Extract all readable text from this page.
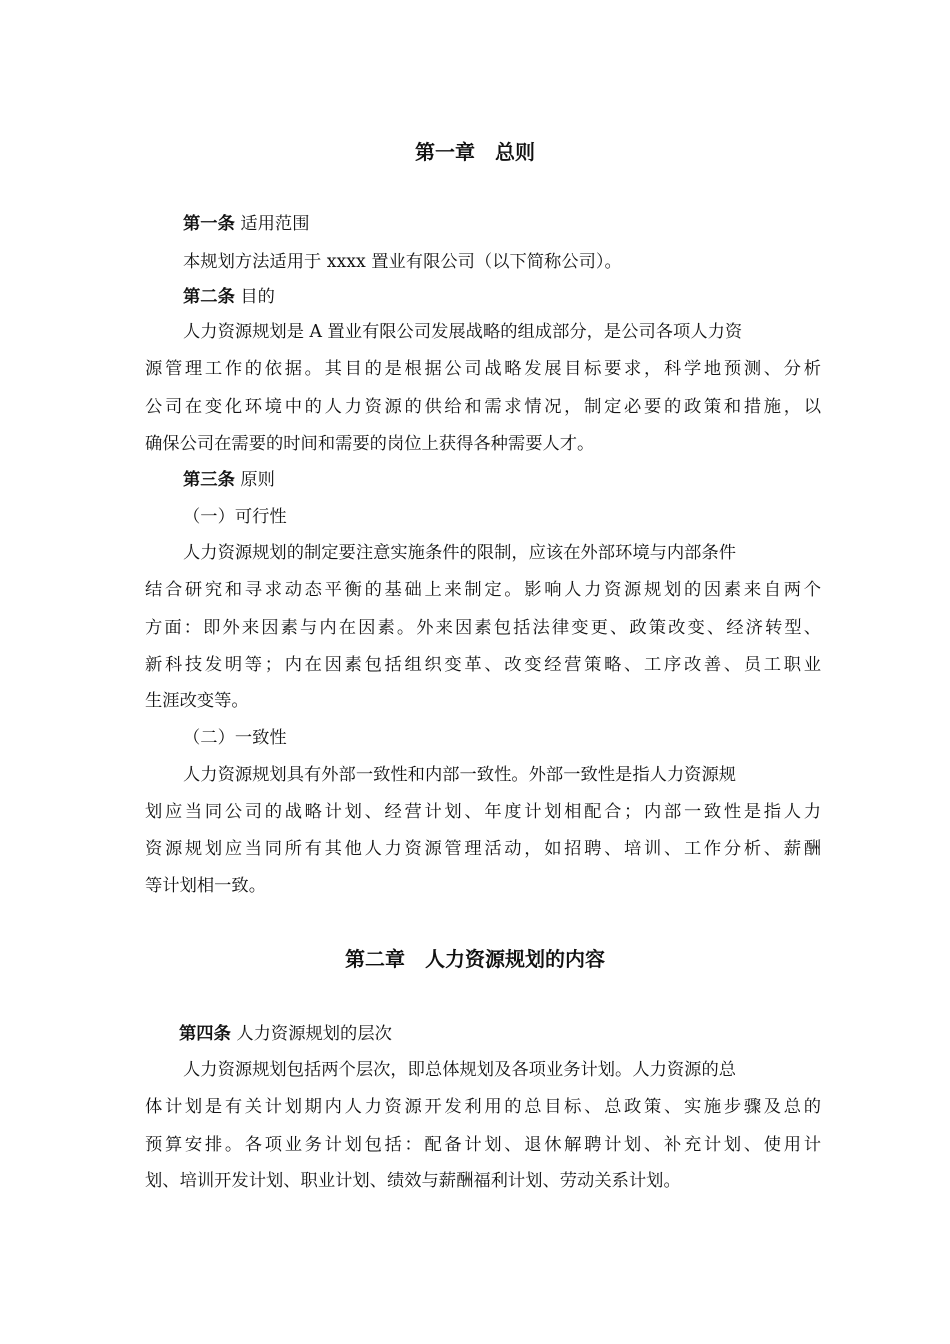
第一章　总则
第一条 适用范围
本规划方法适用于 xxxx 置业有限公司（以下简称公司）。
第二条 目的
人力资源规划是 A 置业有限公司发展战略的组成部分，是公司各项人力资
源管理工作的依据。其目的是根据公司战略发展目标要求，科学地预测、分析
公司在变化环境中的人力资源的供给和需求情况，制定必要的政策和措施，以
确保公司在需要的时间和需要的岗位上获得各种需要人才。
第三条 原则
（一）可行性
人力资源规划的制定要注意实施条件的限制，应该在外部环境与内部条件
结合研究和寻求动态平衡的基础上来制定。影响人力资源规划的因素来自两个
方面：即外来因素与内在因素。外来因素包括法律变更、政策改变、经济转型、
新科技发明等；内在因素包括组织变革、改变经营策略、工序改善、员工职业
生涯改变等。
（二）一致性
人力资源规划具有外部一致性和内部一致性。外部一致性是指人力资源规
划应当同公司的战略计划、经营计划、年度计划相配合；内部一致性是指人力
资源规划应当同所有其他人力资源管理活动，如招聘、培训、工作分析、薪酬
等计划相一致。
第二章　人力资源规划的内容
第四条 人力资源规划的层次
人力资源规划包括两个层次，即总体规划及各项业务计划。人力资源的总
体计划是有关计划期内人力资源开发利用的总目标、总政策、实施步骤及总的
预算安排。各项业务计划包括：配备计划、退休解聘计划、补充计划、使用计
划、培训开发计划、职业计划、绩效与薪酬福利计划、劳动关系计划。
